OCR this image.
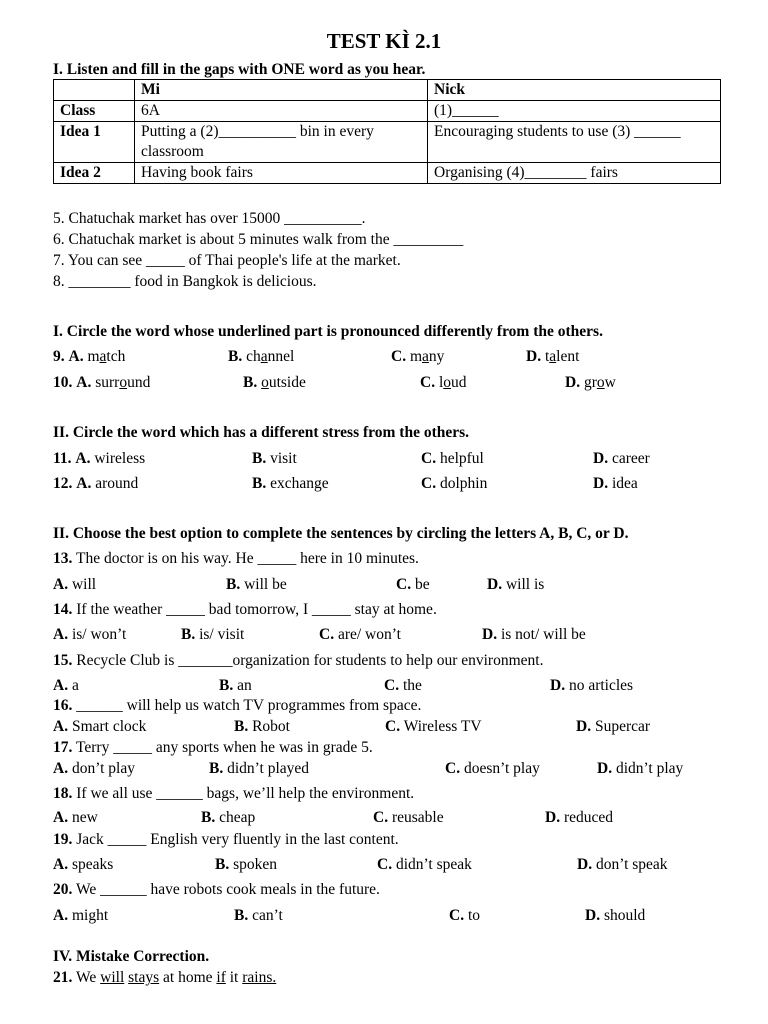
TEST KÌ 2.1
I. Listen and fill in the gaps with ONE word as you hear.
	Mi	Nick
Class	6A	(1)______
Idea 1	Putting a (2)__________ bin in every classroom	Encouraging students to use (3) ______
Idea 2	Having book fairs	Organising (4)________ fairs
5. Chatuchak market has over 15000 __________.
6. Chatuchak market is about 5 minutes walk from the _________
7. You can see _____ of Thai people's life at the market.
8. ________ food in Bangkok is delicious.
I. Circle the word whose underlined part is pronounced differently from the others.
9. A. match	B. channel	C. many	D. talent
10. A. surround	B. outside	C. loud	D. grow
II. Circle the word which has a different stress from the others.
11. A. wireless	B. visit	C. helpful	D. career
12. A. around	B. exchange	C. dolphin	D. idea
II. Choose the best option to complete the sentences by circling the letters A, B, C, or D.
13. The doctor is on his way. He _____ here in 10 minutes.
A. will	B. will be	C. be	D. will is
14. If the weather _____ bad tomorrow, I _____ stay at home.
A. is/ won’t	B. is/ visit	C. are/ won’t	D. is not/ will be
15. Recycle Club is _______organization for students to help our environment.
A. a	B. an	C. the	D. no articles
16. ______ will help us watch TV programmes from space.
A. Smart clock	B. Robot	C. Wireless TV	D. Supercar
17. Terry _____ any sports when he was in grade 5.
A. don’t play	B. didn’t played	C. doesn’t play	D. didn’t play
18. If we all use ______ bags, we’ll help the environment.
A. new	B. cheap	C. reusable	D. reduced
19. Jack _____ English very fluently in the last content.
A. speaks	B. spoken	C. didn’t speak	D. don’t speak
20. We ______ have robots cook meals in the future.
A. might	B. can’t	C. to	D. should
IV. Mistake Correction.
21. We will stays at home if it rains.
